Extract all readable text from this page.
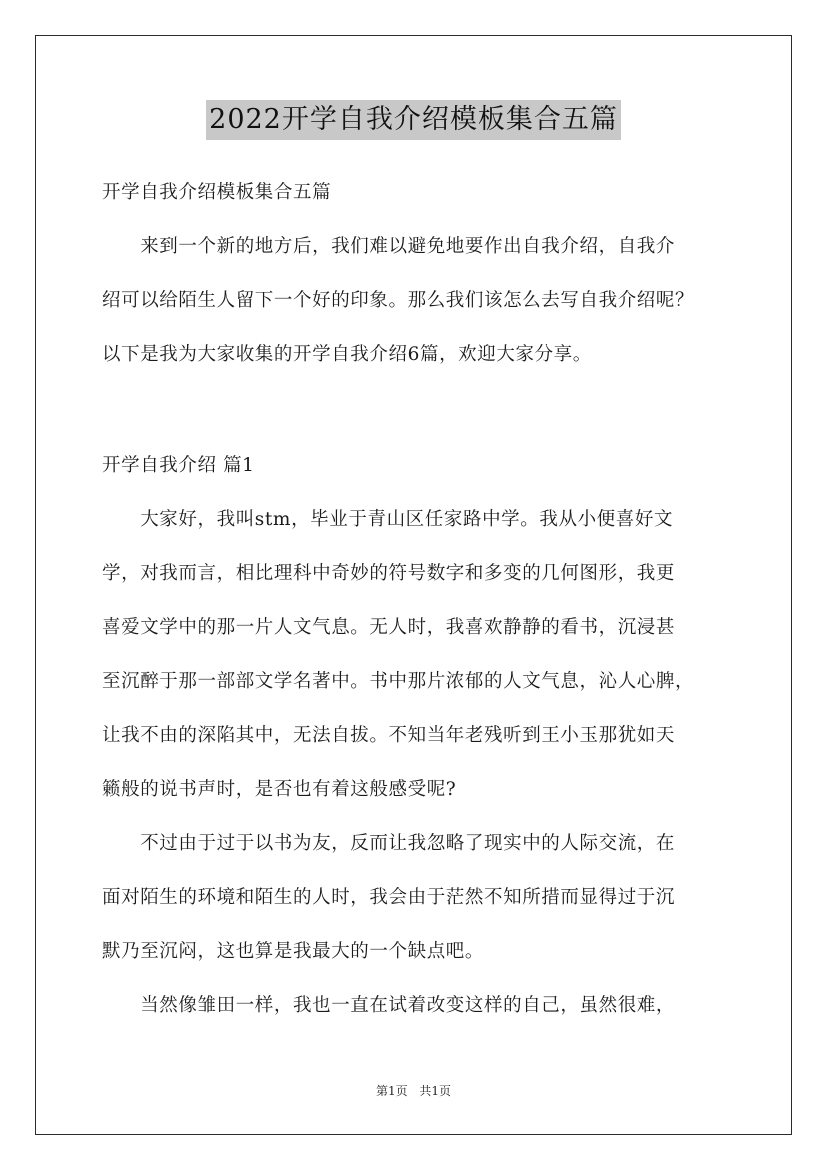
2022开学自我介绍模板集合五篇
开学自我介绍模板集合五篇
　　来到一个新的地方后，我们难以避免地要作出自我介绍，自我介
绍可以给陌生人留下一个好的印象。那么我们该怎么去写自我介绍呢？
以下是我为大家收集的开学自我介绍6篇，欢迎大家分享。
开学自我介绍 篇1
　　大家好，我叫stm，毕业于青山区任家路中学。我从小便喜好文
学，对我而言，相比理科中奇妙的符号数字和多变的几何图形，我更
喜爱文学中的那一片人文气息。无人时，我喜欢静静的看书，沉浸甚
至沉醉于那一部部文学名著中。书中那片浓郁的人文气息，沁人心脾，
让我不由的深陷其中，无法自拔。不知当年老残听到王小玉那犹如天
籁般的说书声时，是否也有着这般感受呢?
　　不过由于过于以书为友，反而让我忽略了现实中的人际交流，在
面对陌生的环境和陌生的人时，我会由于茫然不知所措而显得过于沉
默乃至沉闷，这也算是我最大的一个缺点吧。
　　当然像雏田一样，我也一直在试着改变这样的自己，虽然很难，
第1页 共1页
